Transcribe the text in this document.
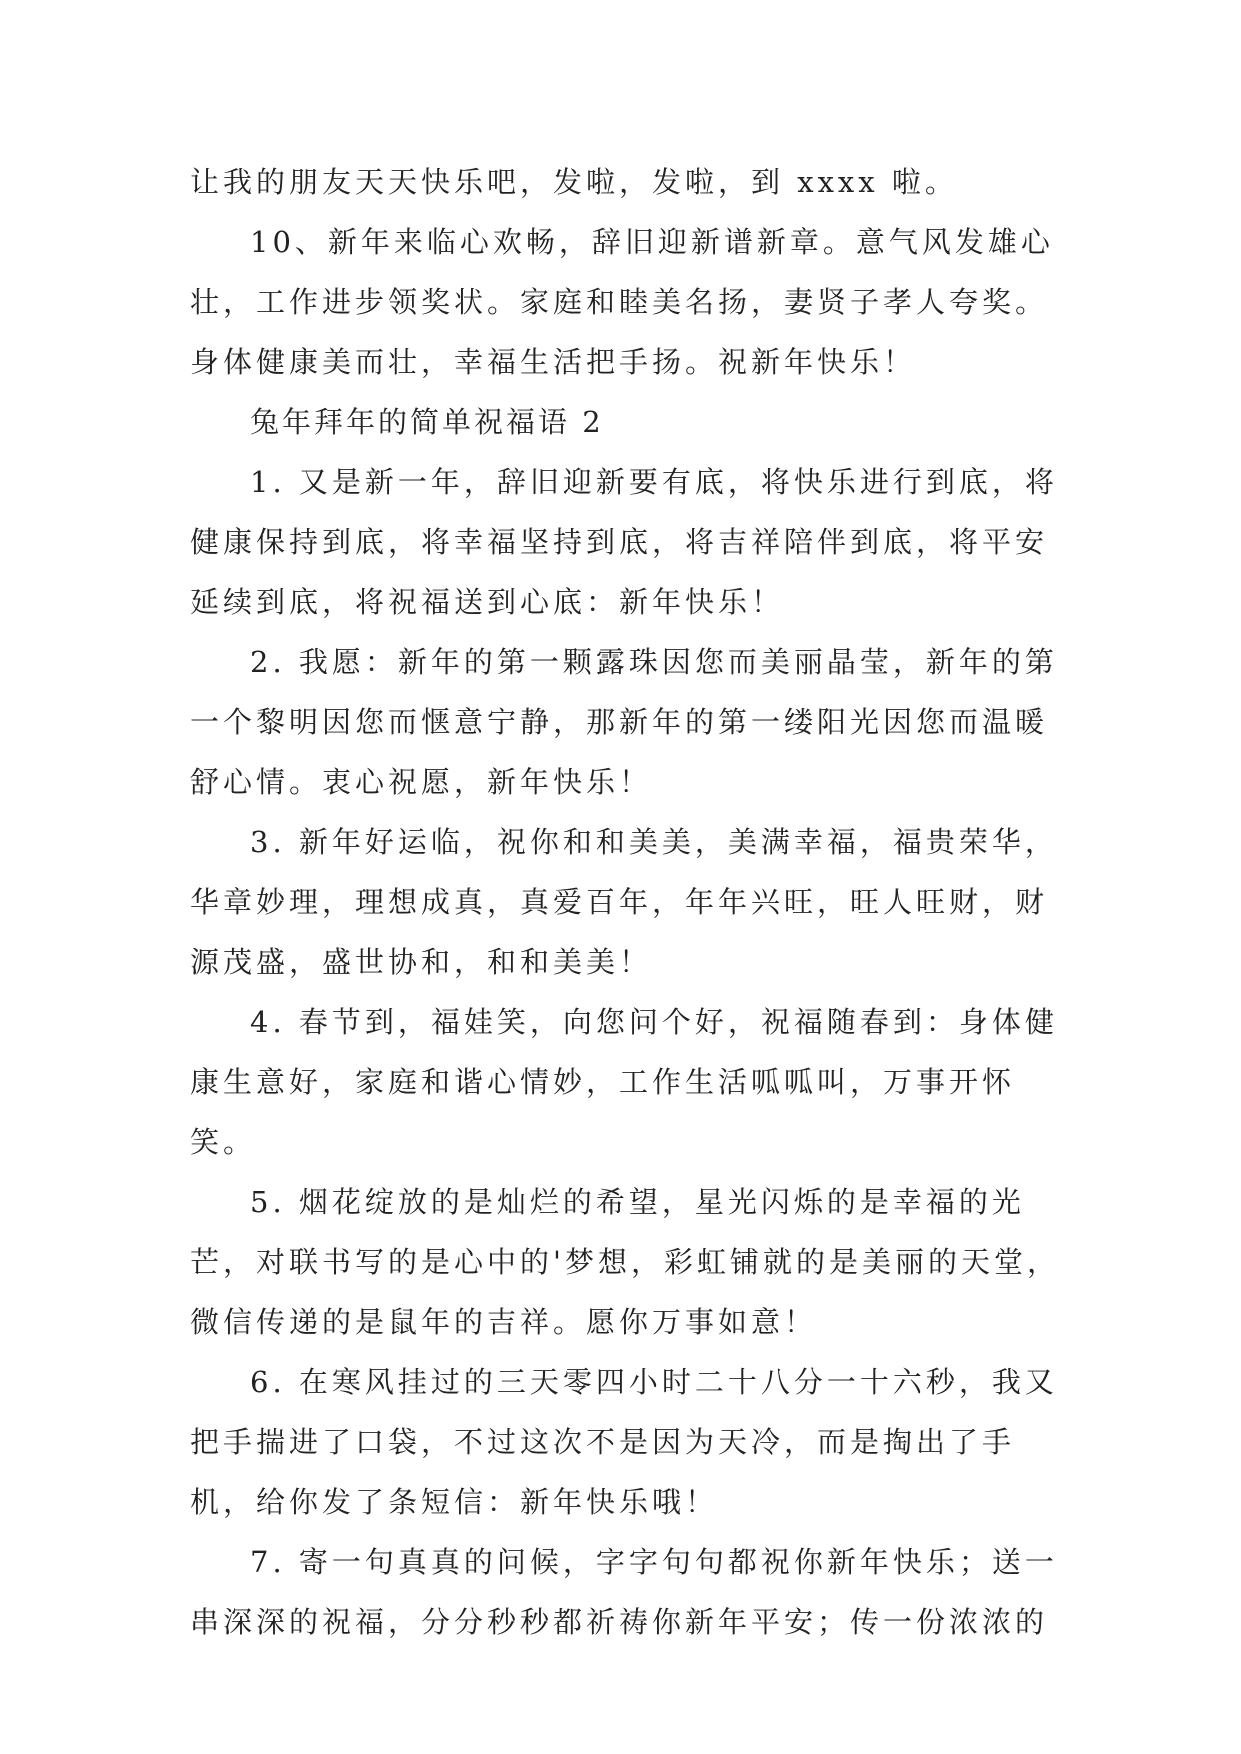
让我的朋友天天快乐吧，发啦，发啦，到 xxxx 啦。

10、新年来临心欢畅，辞旧迎新谱新章。意气风发雄心壮，工作进步领奖状。家庭和睦美名扬，妻贤子孝人夸奖。身体健康美而壮，幸福生活把手扬。祝新年快乐！

兔年拜年的简单祝福语 2

1. 又是新一年，辞旧迎新要有底，将快乐进行到底，将健康保持到底，将幸福坚持到底，将吉祥陪伴到底，将平安延续到底，将祝福送到心底：新年快乐！

2. 我愿：新年的第一颗露珠因您而美丽晶莹，新年的第一个黎明因您而惬意宁静，那新年的第一缕阳光因您而温暖舒心情。衷心祝愿，新年快乐！

3. 新年好运临，祝你和和美美，美满幸福，福贵荣华，华章妙理，理想成真，真爱百年，年年兴旺，旺人旺财，财源茂盛，盛世协和，和和美美！

4. 春节到，福娃笑，向您问个好，祝福随春到：身体健康生意好，家庭和谐心情妙，工作生活呱呱叫，万事开怀笑。

5. 烟花绽放的是灿烂的希望，星光闪烁的是幸福的光芒，对联书写的是心中的'梦想，彩虹铺就的是美丽的天堂，微信传递的是鼠年的吉祥。愿你万事如意！

6. 在寒风挂过的三天零四小时二十八分一十六秒，我又把手揣进了口袋，不过这次不是因为天冷，而是掏出了手机，给你发了条短信：新年快乐哦！

7. 寄一句真真的问候，字字句句都祝你新年快乐；送一串深深的祝福，分分秒秒都祈祷你新年平安；传一份浓浓的
